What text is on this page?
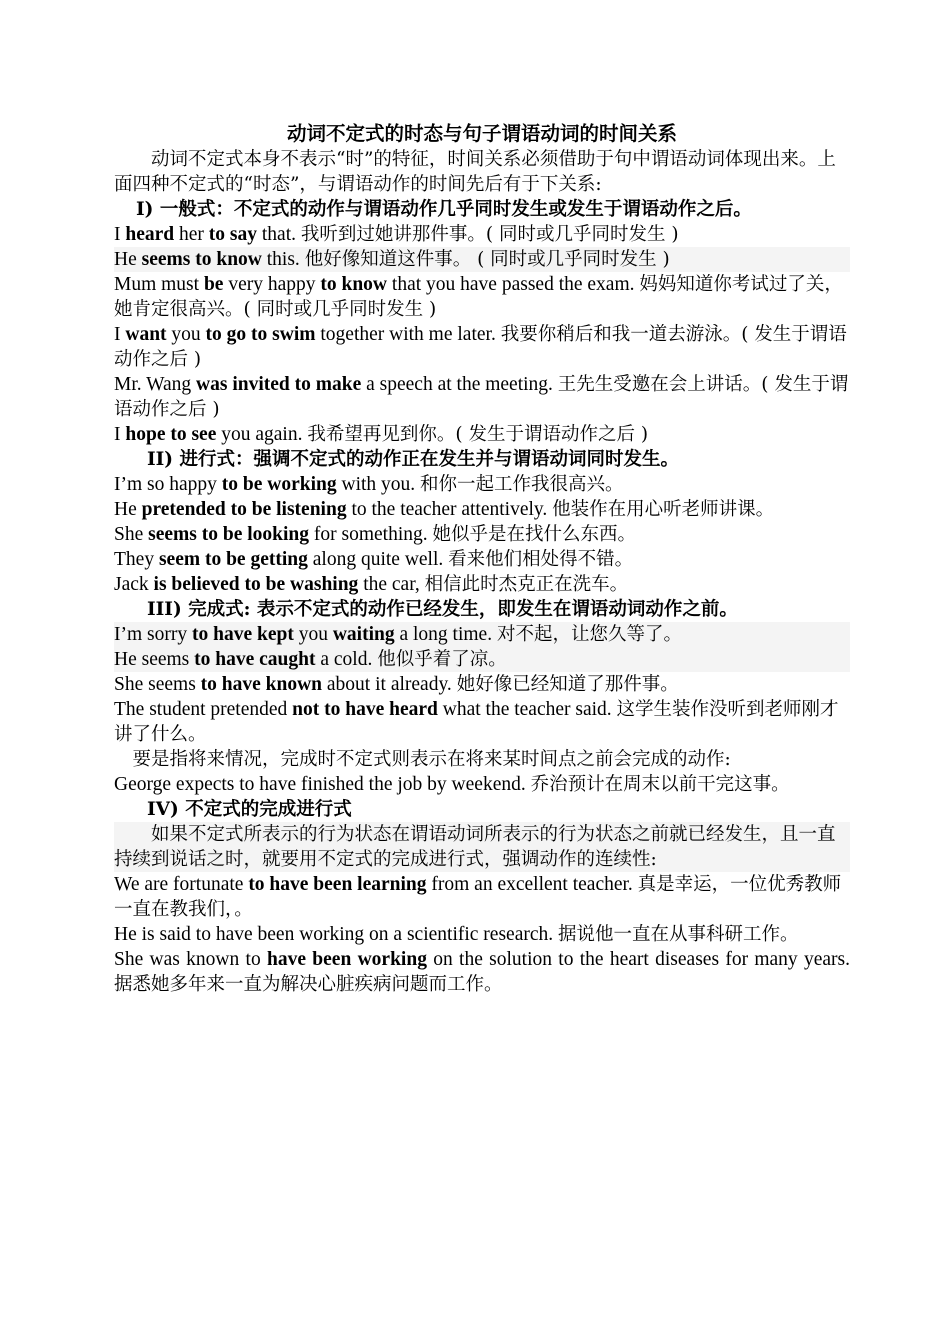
动词不定式的时态与句子谓语动词的时间关系

动词不定式本身不表示“时”的特征，时间关系必须借助于句中谓语动词体现出来。上面四种不定式的“时态”，与谓语动作的时间先后有于下关系:

I) 一般式：不定式的动作与谓语动作几乎同时发生或发生于谓语动作之后。

I heard her to say that. 我听到过她讲那件事。( 同时或几乎同时发生 )

He seems to know this. 他好像知道这件事。 ( 同时或几乎同时发生 )

Mum must be very happy to know that you have passed the exam. 妈妈知道你考试过了关，她肯定很高兴。( 同时或几乎同时发生 )

I want you to go to swim together with me later. 我要你稍后和我一道去游泳。( 发生于谓语动作之后 )

Mr. Wang was invited to make a speech at the meeting. 王先生受邀在会上讲话。( 发生于谓语动作之后 )

I hope to see you again. 我希望再见到你。( 发生于谓语动作之后 )

II) 进行式：强调不定式的动作正在发生并与谓语动词同时发生。

I’m so happy to be working with you. 和你一起工作我很高兴。

He pretended to be listening to the teacher attentively. 他装作在用心听老师讲课。

She seems to be looking for something. 她似乎是在找什么东西。

They seem to be getting along quite well. 看来他们相处得不错。

Jack is believed to be washing the car, 相信此时杰克正在洗车。

III) 完成式: 表示不定式的动作已经发生，即发生在谓语动词动作之前。

I’m sorry to have kept you waiting a long time. 对不起，让您久等了。

He seems to have caught a cold. 他似乎着了凉。

She seems to have known about it already. 她好像已经知道了那件事。

The student pretended not to have heard what the teacher said. 这学生装作没听到老师刚才讲了什么。

要是指将来情况，完成时不定式则表示在将来某时间点之前会完成的动作:

George expects to have finished the job by weekend. 乔治预计在周末以前干完这事。

IV) 不定式的完成进行式

如果不定式所表示的行为状态在谓语动词所表示的行为状态之前就已经发生，且一直持续到说话之时，就要用不定式的完成进行式，强调动作的连续性:

We are fortunate to have been learning from an excellent teacher. 真是幸运，一位优秀教师一直在教我们，。

He is said to have been working on a scientific research. 据说他一直在从事科研工作。

She was known to have been working on the solution to the heart diseases for many years. 据悉她多年来一直为解决心脏疾病问题而工作。
